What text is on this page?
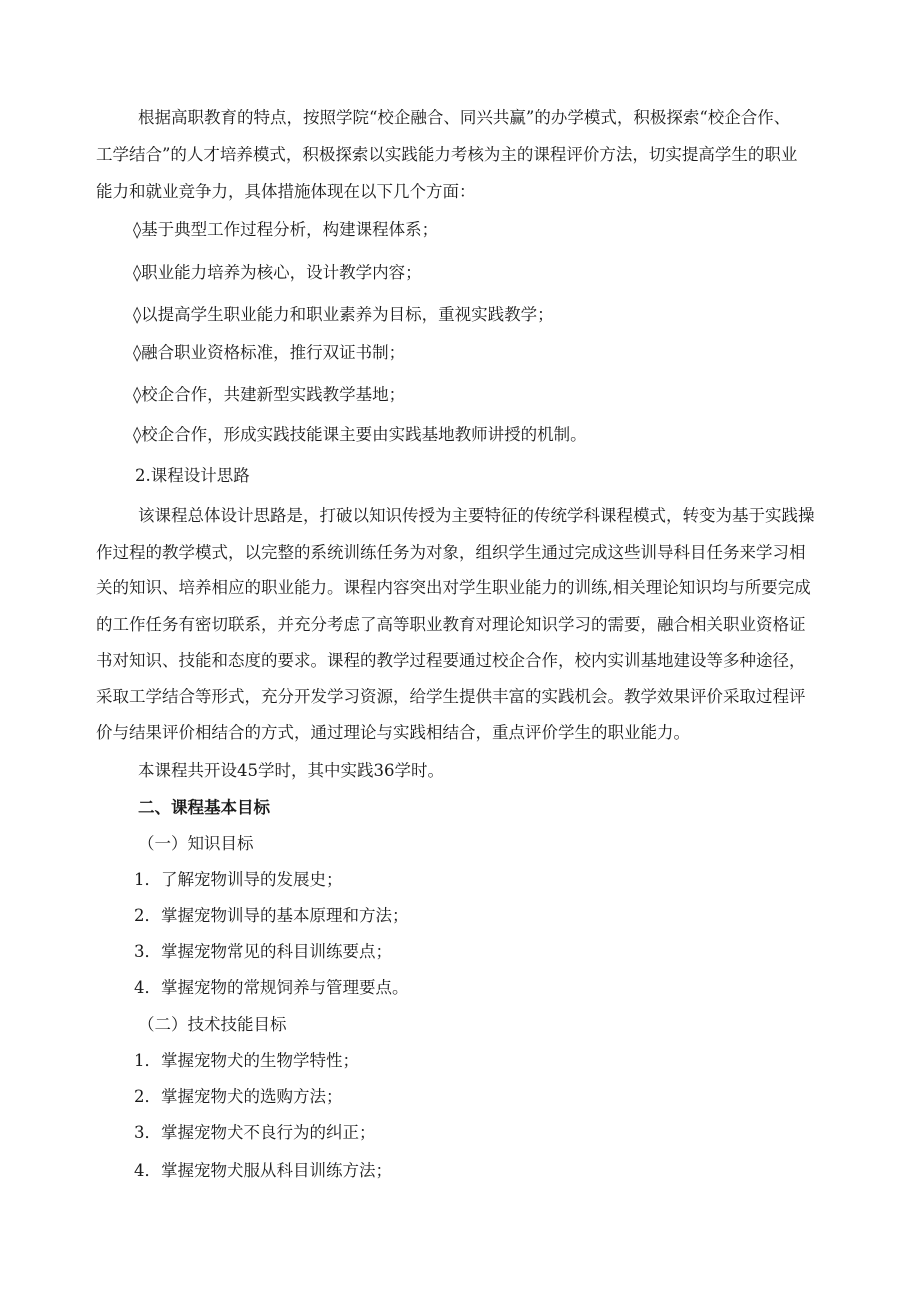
根据高职教育的特点，按照学院“校企融合、同兴共赢”的办学模式，积极探索“校企合作、

工学结合”的人才培养模式，积极探索以实践能力考核为主的课程评价方法，切实提高学生的职业

能力和就业竞争力，具体措施体现在以下几个方面：

◊基于典型工作过程分析，构建课程体系；

◊职业能力培养为核心，设计教学内容；

◊以提高学生职业能力和职业素养为目标，重视实践教学；

◊融合职业资格标准，推行双证书制；

◊校企合作，共建新型实践教学基地；

◊校企合作，形成实践技能课主要由实践基地教师讲授的机制。

2.课程设计思路

该课程总体设计思路是，打破以知识传授为主要特征的传统学科课程模式，转变为基于实践操

作过程的教学模式，以完整的系统训练任务为对象，组织学生通过完成这些训导科目任务来学习相

关的知识、培养相应的职业能力。课程内容突出对学生职业能力的训练,相关理论知识均与所要完成

的工作任务有密切联系，并充分考虑了高等职业教育对理论知识学习的需要，融合相关职业资格证

书对知识、技能和态度的要求。课程的教学过程要通过校企合作，校内实训基地建设等多种途径，

采取工学结合等形式，充分开发学习资源，给学生提供丰富的实践机会。教学效果评价采取过程评

价与结果评价相结合的方式，通过理论与实践相结合，重点评价学生的职业能力。

本课程共开设45学时，其中实践36学时。

二、课程基本目标

（一）知识目标

1．了解宠物训导的发展史；

2．掌握宠物训导的基本原理和方法；

3．掌握宠物常见的科目训练要点；

4．掌握宠物的常规饲养与管理要点。

（二）技术技能目标

1．掌握宠物犬的生物学特性；

2．掌握宠物犬的选购方法；

3．掌握宠物犬不良行为的纠正；

4．掌握宠物犬服从科目训练方法；
